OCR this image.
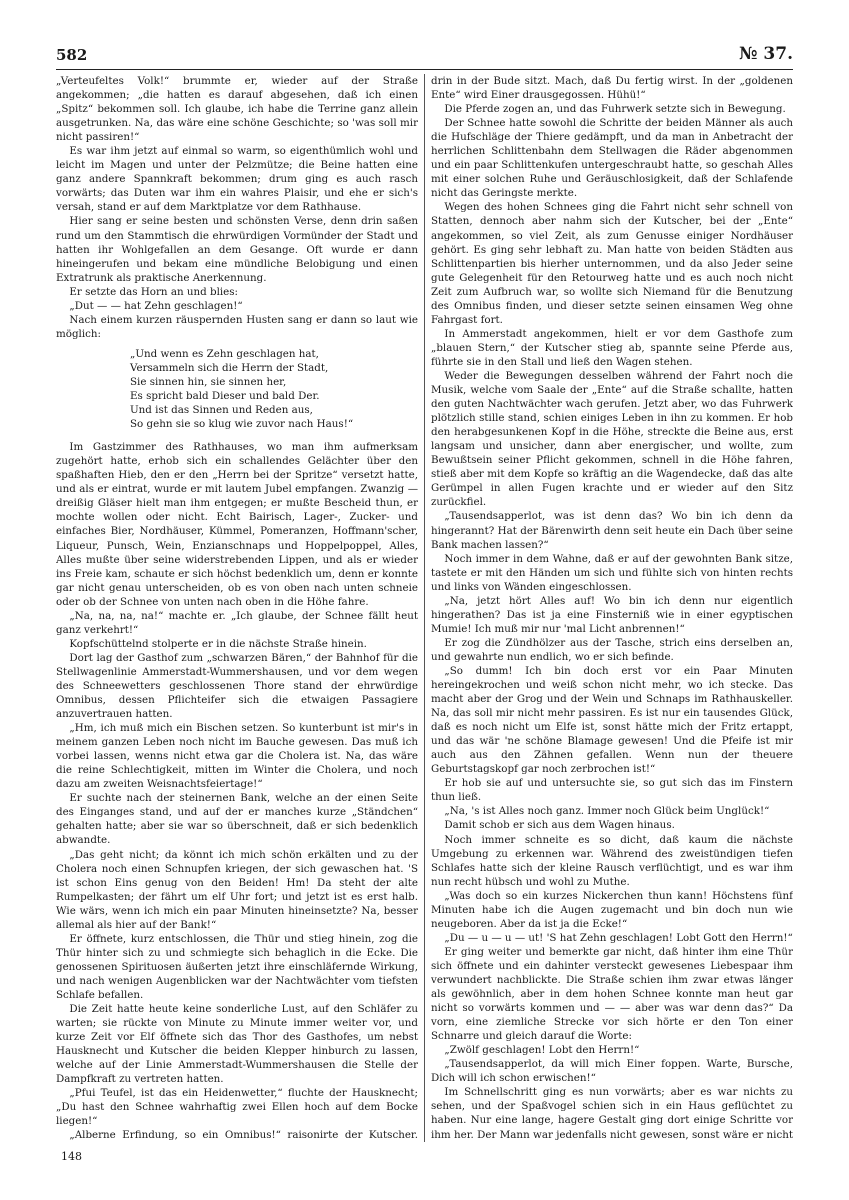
582	№ 37.

„Verteufeltes Volk!“ brummte er, wieder auf der Straße angekommen; „die hatten es darauf abgesehen, daß ich einen „Spitz“ bekommen soll. Ich glaube, ich habe die Terrine ganz allein ausgetrunken. Na, das wäre eine schöne Geschichte; so 'was soll mir nicht passiren!“

Es war ihm jetzt auf einmal so warm, so eigenthümlich wohl und leicht im Magen und unter der Pelzmütze; die Beine hatten eine ganz andere Spannkraft bekommen; drum ging es auch rasch vorwärts; das Duten war ihm ein wahres Plaisir, und ehe er sich's versah, stand er auf dem Marktplatze vor dem Rathhause.

Hier sang er seine besten und schönsten Verse, denn drin saßen rund um den Stammtisch die ehrwürdigen Vormünder der Stadt und hatten ihr Wohlgefallen an dem Gesange. Oft wurde er dann hineingerufen und bekam eine mündliche Belobigung und einen Extratrunk als praktische Anerkennung.

Er setzte das Horn an und blies:

„Dut — — hat Zehn geschlagen!“

Nach einem kurzen räuspernden Husten sang er dann so laut wie möglich:

„Und wenn es Zehn geschlagen hat,
Versammeln sich die Herrn der Stadt,
Sie sinnen hin, sie sinnen her,
Es spricht bald Dieser und bald Der.
Und ist das Sinnen und Reden aus,
So gehn sie so klug wie zuvor nach Haus!“

Im Gastzimmer des Rathhauses, wo man ihm aufmerksam zugehört hatte, erhob sich ein schallendes Gelächter über den spaßhaften Hieb, den er den „Herrn bei der Spritze“ versetzt hatte, und als er eintrat, wurde er mit lautem Jubel empfangen. Zwanzig — dreißig Gläser hielt man ihm entgegen; er mußte Bescheid thun, er mochte wollen oder nicht. Echt Bairisch, Lager-, Zucker- und einfaches Bier, Nordhäuser, Kümmel, Pomeranzen, Hoffmann'scher, Liqueur, Punsch, Wein, Enzianschnaps und Hoppelpoppel, Alles, Alles mußte über seine widerstrebenden Lippen, und als er wieder ins Freie kam, schaute er sich höchst bedenklich um, denn er konnte gar nicht genau unterscheiden, ob es von oben nach unten schneie oder ob der Schnee von unten nach oben in die Höhe fahre.

„Na, na, na, na!“ machte er. „Ich glaube, der Schnee fällt heut ganz verkehrt!“

Kopfschüttelnd stolperte er in die nächste Straße hinein.

Dort lag der Gasthof zum „schwarzen Bären,“ der Bahnhof für die Stellwagenlinie Ammerstadt-Wummershausen, und vor dem wegen des Schneewetters geschlossenen Thore stand der ehrwürdige Omnibus, dessen Pflichteifer sich die etwaigen Passagiere anzuvertrauen hatten.

„Hm, ich muß mich ein Bischen setzen. So kunterbunt ist mir's in meinem ganzen Leben noch nicht im Bauche gewesen. Das muß ich vorbei lassen, wenns nicht etwa gar die Cholera ist. Na, das wäre die reine Schlechtigkeit, mitten im Winter die Cholera, und noch dazu am zweiten Weisnachtsfeiertage!“

Er suchte nach der steinernen Bank, welche an der einen Seite des Einganges stand, und auf der er manches kurze „Ständchen“ gehalten hatte; aber sie war so überschneit, daß er sich bedenklich abwandte.

„Das geht nicht; da könnt ich mich schön erkälten und zu der Cholera noch einen Schnupfen kriegen, der sich gewaschen hat. 'S ist schon Eins genug von den Beiden! Hm! Da steht der alte Rumpelkasten; der fährt um elf Uhr fort; und jetzt ist es erst halb. Wie wärs, wenn ich mich ein paar Minuten hineinsetzte? Na, besser allemal als hier auf der Bank!“

Er öffnete, kurz entschlossen, die Thür und stieg hinein, zog die Thür hinter sich zu und schmiegte sich behaglich in die Ecke. Die genossenen Spirituosen äußerten jetzt ihre einschläfernde Wirkung, und nach wenigen Augenblicken war der Nachtwächter vom tiefsten Schlafe befallen.

Die Zeit hatte heute keine sonderliche Lust, auf den Schläfer zu warten; sie rückte von Minute zu Minute immer weiter vor, und kurze Zeit vor Elf öffnete sich das Thor des Gasthofes, um nebst Hausknecht und Kutscher die beiden Klepper hinburch zu lassen, welche auf der Linie Ammerstadt-Wummershausen die Stelle der Dampfkraft zu vertreten hatten.

„Pfui Teufel, ist das ein Heidenwetter,“ fluchte der Hausknecht; „Du hast den Schnee wahrhaftig zwei Ellen hoch auf dem Bocke liegen!“

„Alberne Erfindung, so ein Omnibus!“ raisonirte der Kutscher.

drin in der Bude sitzt. Mach, daß Du fertig wirst. In der „goldenen Ente“ wird Einer drausgegossen. Hühü!“

Die Pferde zogen an, und das Fuhrwerk setzte sich in Bewegung.

Der Schnee hatte sowohl die Schritte der beiden Männer als auch die Hufschläge der Thiere gedämpft, und da man in Anbetracht der herrlichen Schlittenbahn dem Stellwagen die Räder abgenommen und ein paar Schlittenkufen untergeschraubt hatte, so geschah Alles mit einer solchen Ruhe und Geräuschlosigkeit, daß der Schlafende nicht das Geringste merkte.

Wegen des hohen Schnees ging die Fahrt nicht sehr schnell von Statten, dennoch aber nahm sich der Kutscher, bei der „Ente“ angekommen, so viel Zeit, als zum Genusse einiger Nordhäuser gehört. Es ging sehr lebhaft zu. Man hatte von beiden Städten aus Schlittenpartien bis hierher unternommen, und da also Jeder seine gute Gelegenheit für den Retourweg hatte und es auch noch nicht Zeit zum Aufbruch war, so wollte sich Niemand für die Benutzung des Omnibus finden, und dieser setzte seinen einsamen Weg ohne Fahrgast fort.

In Ammerstadt angekommen, hielt er vor dem Gasthofe zum „blauen Stern,“ der Kutscher stieg ab, spannte seine Pferde aus, führte sie in den Stall und ließ den Wagen stehen.

Weder die Bewegungen desselben während der Fahrt noch die Musik, welche vom Saale der „Ente“ auf die Straße schallte, hatten den guten Nachtwächter wach gerufen. Jetzt aber, wo das Fuhrwerk plötzlich stille stand, schien einiges Leben in ihn zu kommen. Er hob den herabgesunkenen Kopf in die Höhe, streckte die Beine aus, erst langsam und unsicher, dann aber energischer, und wollte, zum Bewußtsein seiner Pflicht gekommen, schnell in die Höhe fahren, stieß aber mit dem Kopfe so kräftig an die Wagendecke, daß das alte Gerümpel in allen Fugen krachte und er wieder auf den Sitz zurückfiel.

„Tausendsapperlot, was ist denn das? Wo bin ich denn da hingerannt? Hat der Bärenwirth denn seit heute ein Dach über seine Bank machen lassen?“

Noch immer in dem Wahne, daß er auf der gewohnten Bank sitze, tastete er mit den Händen um sich und fühlte sich von hinten rechts und links von Wänden eingeschlossen.

„Na, jetzt hört Alles auf! Wo bin ich denn nur eigentlich hingerathen? Das ist ja eine Finsterniß wie in einer egyptischen Mumie! Ich muß mir nur 'mal Licht anbrennen!“

Er zog die Zündhölzer aus der Tasche, strich eins derselben an, und gewahrte nun endlich, wo er sich befinde.

„So dumm! Ich bin doch erst vor ein Paar Minuten hereingekrochen und weiß schon nicht mehr, wo ich stecke. Das macht aber der Grog und der Wein und Schnaps im Rathhauskeller. Na, das soll mir nicht mehr passiren. Es ist nur ein tausendes Glück, daß es noch nicht um Elfe ist, sonst hätte mich der Fritz ertappt, und das wär 'ne schöne Blamage gewesen! Und die Pfeife ist mir auch aus den Zähnen gefallen. Wenn nun der theuere Geburtstagskopf gar noch zerbrochen ist!“

Er hob sie auf und untersuchte sie, so gut sich das im Finstern thun ließ.

„Na, 's ist Alles noch ganz. Immer noch Glück beim Unglück!“

Damit schob er sich aus dem Wagen hinaus.

Noch immer schneite es so dicht, daß kaum die nächste Umgebung zu erkennen war. Während des zweistündigen tiefen Schlafes hatte sich der kleine Rausch verflüchtigt, und es war ihm nun recht hübsch und wohl zu Muthe.

„Was doch so ein kurzes Nickerchen thun kann! Höchstens fünf Minuten habe ich die Augen zugemacht und bin doch nun wie neugeboren. Aber da ist ja die Ecke!“

„Du — u — u — ut! 'S hat Zehn geschlagen! Lobt Gott den Herrn!“

Er ging weiter und bemerkte gar nicht, daß hinter ihm eine Thür sich öffnete und ein dahinter versteckt gewesenes Liebespaar ihm verwundert nachblickte. Die Straße schien ihm zwar etwas länger als gewöhnlich, aber in dem hohen Schnee konnte man heut gar nicht so vorwärts kommen und — — aber was war denn das?“ Da vorn, eine ziemliche Strecke vor sich hörte er den Ton einer Schnarre und gleich darauf die Worte:

„Zwölf geschlagen! Lobt den Herrn!“

„Tausendsapperlot, da will mich Einer foppen. Warte, Bursche, Dich will ich schon erwischen!“

Im Schnellschritt ging es nun vorwärts; aber es war nichts zu sehen, und der Spaßvogel schien sich in ein Haus geflüchtet zu haben. Nur eine lange, hagere Gestalt ging dort einige Schritte vor ihm her. Der Mann war jedenfalls nicht gewesen, sonst wäre er nicht

148
